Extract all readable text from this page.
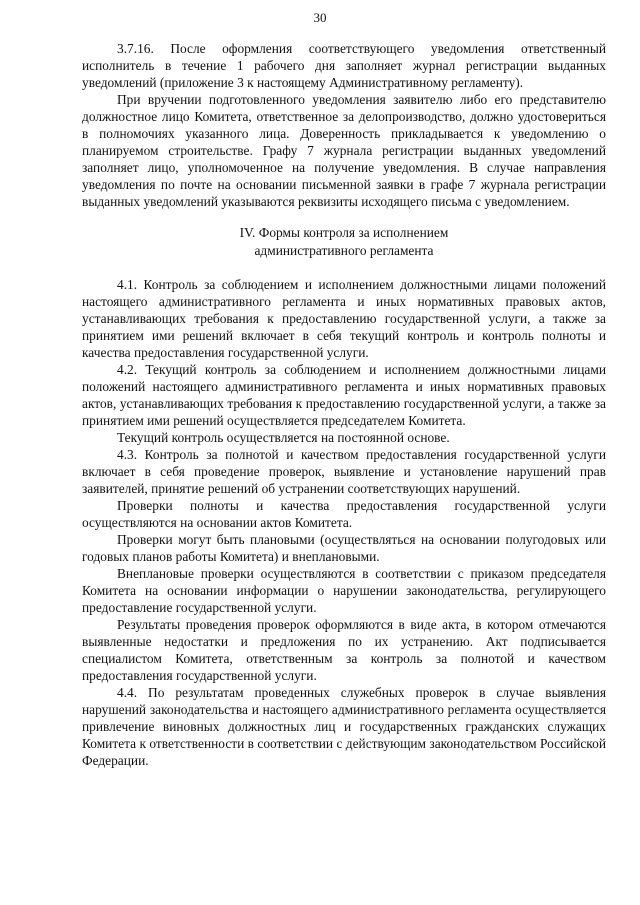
30

3.7.16. После оформления соответствующего уведомления ответственный исполнитель в течение 1 рабочего дня заполняет журнал регистрации выданных уведомлений (приложение 3 к настоящему Административному регламенту).

При вручении подготовленного уведомления заявителю либо его представителю должностное лицо Комитета, ответственное за делопроизводство, должно удостовериться в полномочиях указанного лица. Доверенность прикладывается к уведомлению о планируемом строительстве. Графу 7 журнала регистрации выданных уведомлений заполняет лицо, уполномоченное на получение уведомления. В случае направления уведомления по почте на основании письменной заявки в графе 7 журнала регистрации выданных уведомлений указываются реквизиты исходящего письма с уведомлением.

IV. Формы контроля за исполнением
административного регламента

4.1. Контроль за соблюдением и исполнением должностными лицами положений настоящего административного регламента и иных нормативных правовых актов, устанавливающих требования к предоставлению государственной услуги, а также за принятием ими решений включает в себя текущий контроль и контроль полноты и качества предоставления государственной услуги.

4.2. Текущий контроль за соблюдением и исполнением должностными лицами положений настоящего административного регламента и иных нормативных правовых актов, устанавливающих требования к предоставлению государственной услуги, а также за принятием ими решений осуществляется председателем Комитета.

Текущий контроль осуществляется на постоянной основе.

4.3. Контроль за полнотой и качеством предоставления государственной услуги включает в себя проведение проверок, выявление и установление нарушений прав заявителей, принятие решений об устранении соответствующих нарушений.

Проверки полноты и качества предоставления государственной услуги осуществляются на основании актов Комитета.

Проверки могут быть плановыми (осуществляться на основании полугодовых или годовых планов работы Комитета) и внеплановыми.

Внеплановые проверки осуществляются в соответствии с приказом председателя Комитета на основании информации о нарушении законодательства, регулирующего предоставление государственной услуги.

Результаты проведения проверок оформляются в виде акта, в котором отмечаются выявленные недостатки и предложения по их устранению. Акт подписывается специалистом Комитета, ответственным за контроль за полнотой и качеством предоставления государственной услуги.

4.4. По результатам проведенных служебных проверок в случае выявления нарушений законодательства и настоящего административного регламента осуществляется привлечение виновных должностных лиц и государственных гражданских служащих Комитета к ответственности в соответствии с действующим законодательством Российской Федерации.
